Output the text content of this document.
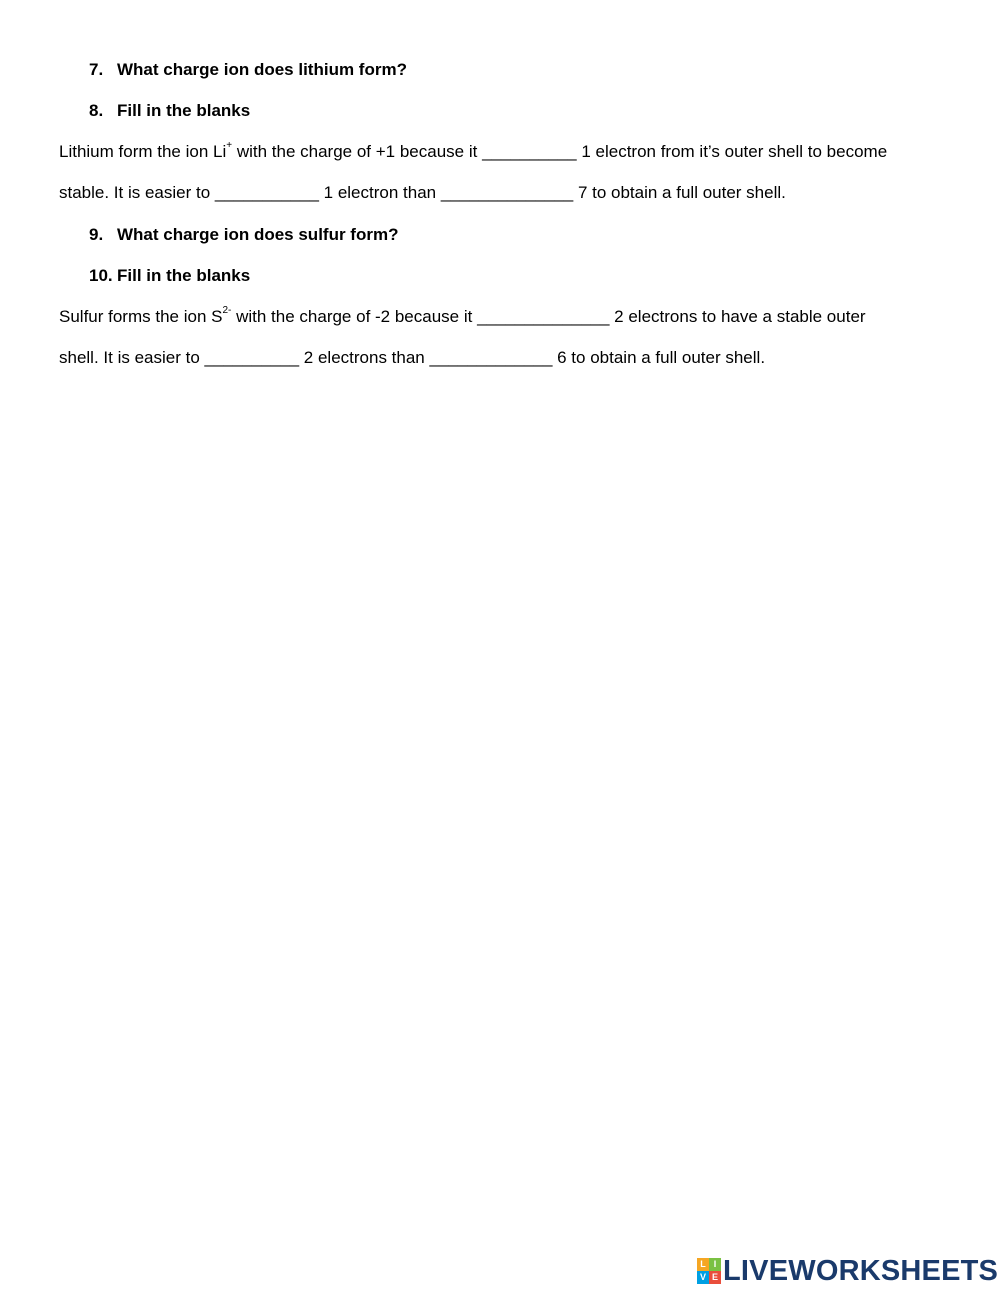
7. What charge ion does lithium form?
8. Fill in the blanks
Lithium form the ion Li+ with the charge of +1 because it __________ 1 electron from it’s outer shell to become
stable. It is easier to ___________ 1 electron than ______________ 7 to obtain a full outer shell.
9. What charge ion does sulfur form?
10. Fill in the blanks
Sulfur forms the ion $S^{2-}$ with the charge of -2 because it ______________ 2 electrons to have a stable outer
shell. It is easier to __________ 2 electrons than _____________ 6 to obtain a full outer shell.
L I
V E LIVEWORKSHEETS
